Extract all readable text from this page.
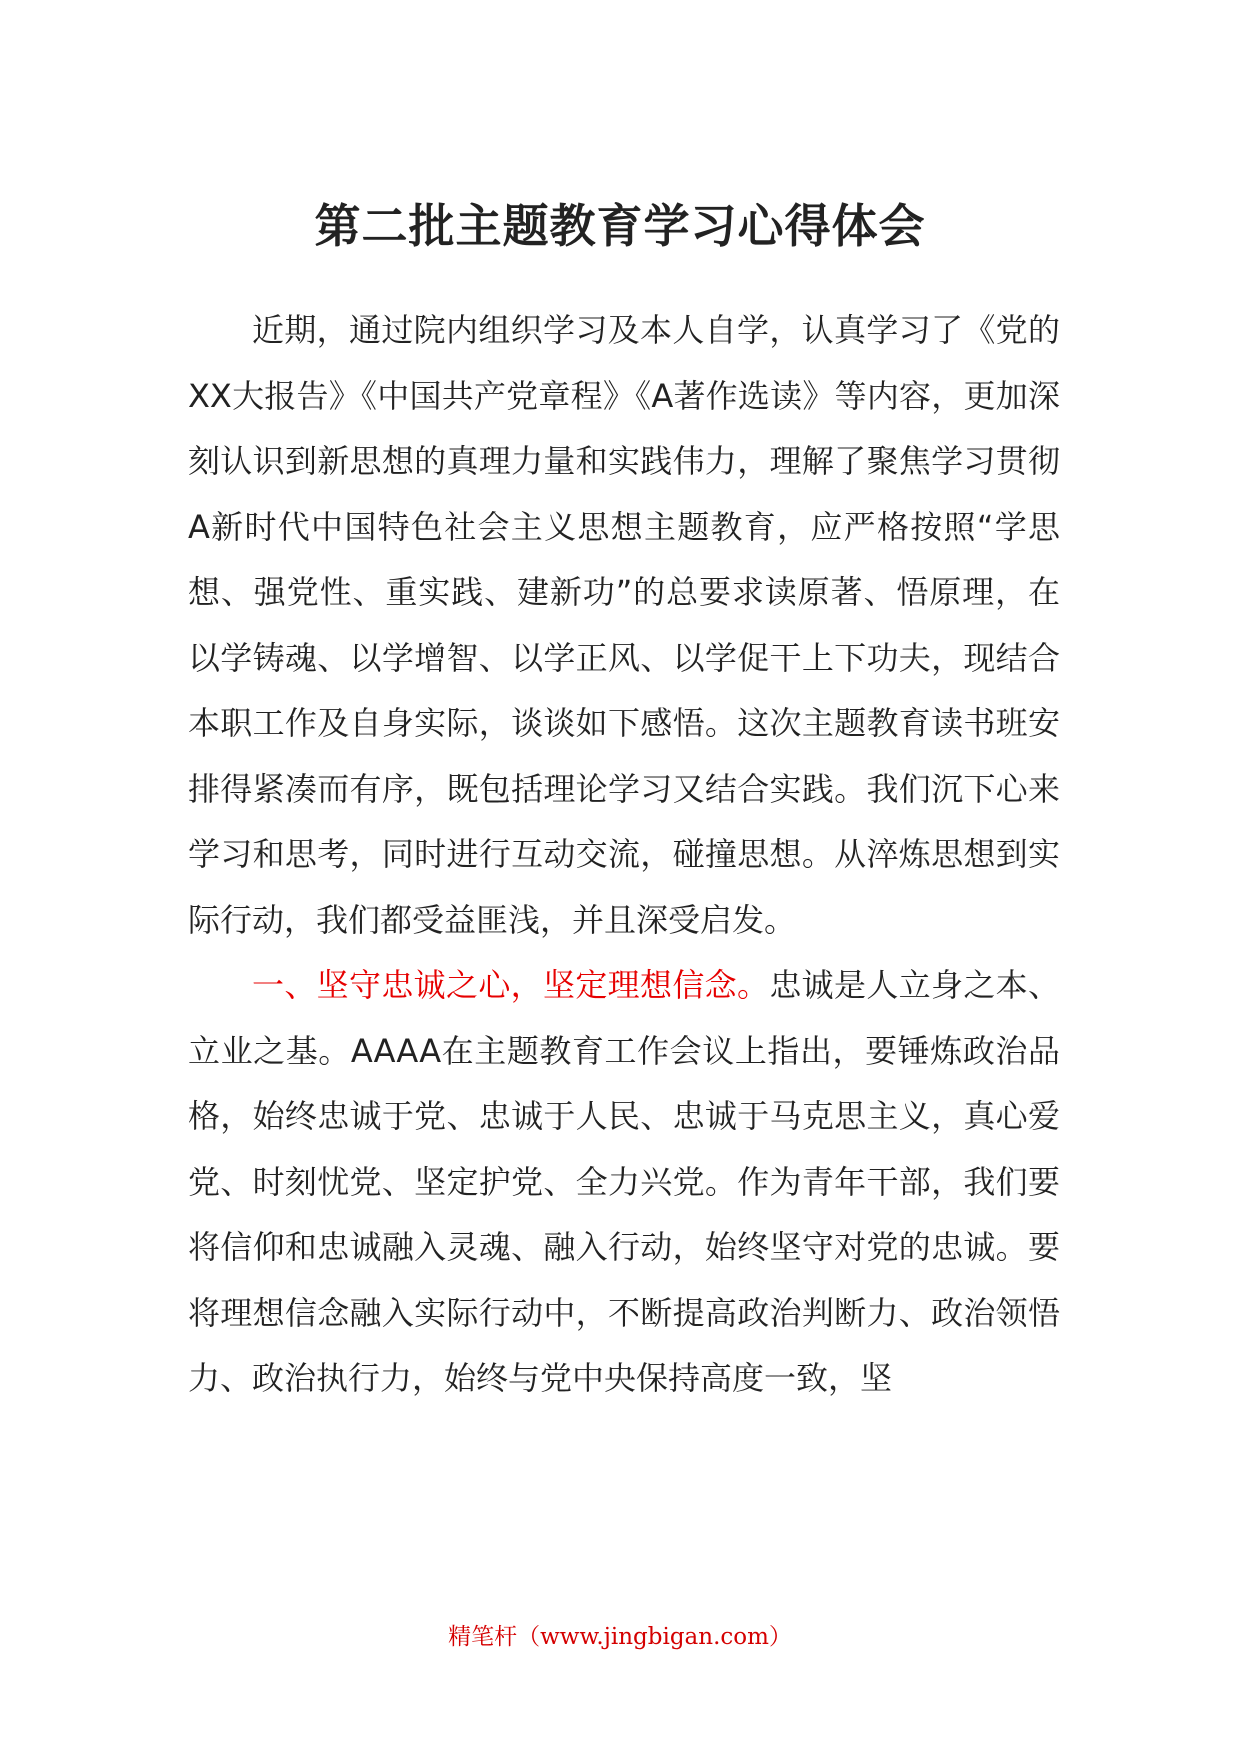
第二批主题教育学习心得体会

近期，通过院内组织学习及本人自学，认真学习了《党的XX大报告》《中国共产党章程》《A著作选读》等内容，更加深刻认识到新思想的真理力量和实践伟力，理解了聚焦学习贯彻A新时代中国特色社会主义思想主题教育，应严格按照“学思想、强党性、重实践、建新功”的总要求读原著、悟原理，在以学铸魂、以学增智、以学正风、以学促干上下功夫，现结合本职工作及自身实际，谈谈如下感悟。这次主题教育读书班安排得紧凑而有序，既包括理论学习又结合实践。我们沉下心来学习和思考，同时进行互动交流，碰撞思想。从淬炼思想到实际行动，我们都受益匪浅，并且深受启发。

一、坚守忠诚之心，坚定理想信念。忠诚是人立身之本、立业之基。AAAA在主题教育工作会议上指出，要锤炼政治品格，始终忠诚于党、忠诚于人民、忠诚于马克思主义，真心爱党、时刻忧党、坚定护党、全力兴党。作为青年干部，我们要将信仰和忠诚融入灵魂、融入行动，始终坚守对党的忠诚。要将理想信念融入实际行动中，不断提高政治判断力、政治领悟力、政治执行力，始终与党中央保持高度一致，坚

精笔杆（www.jingbigan.com）
